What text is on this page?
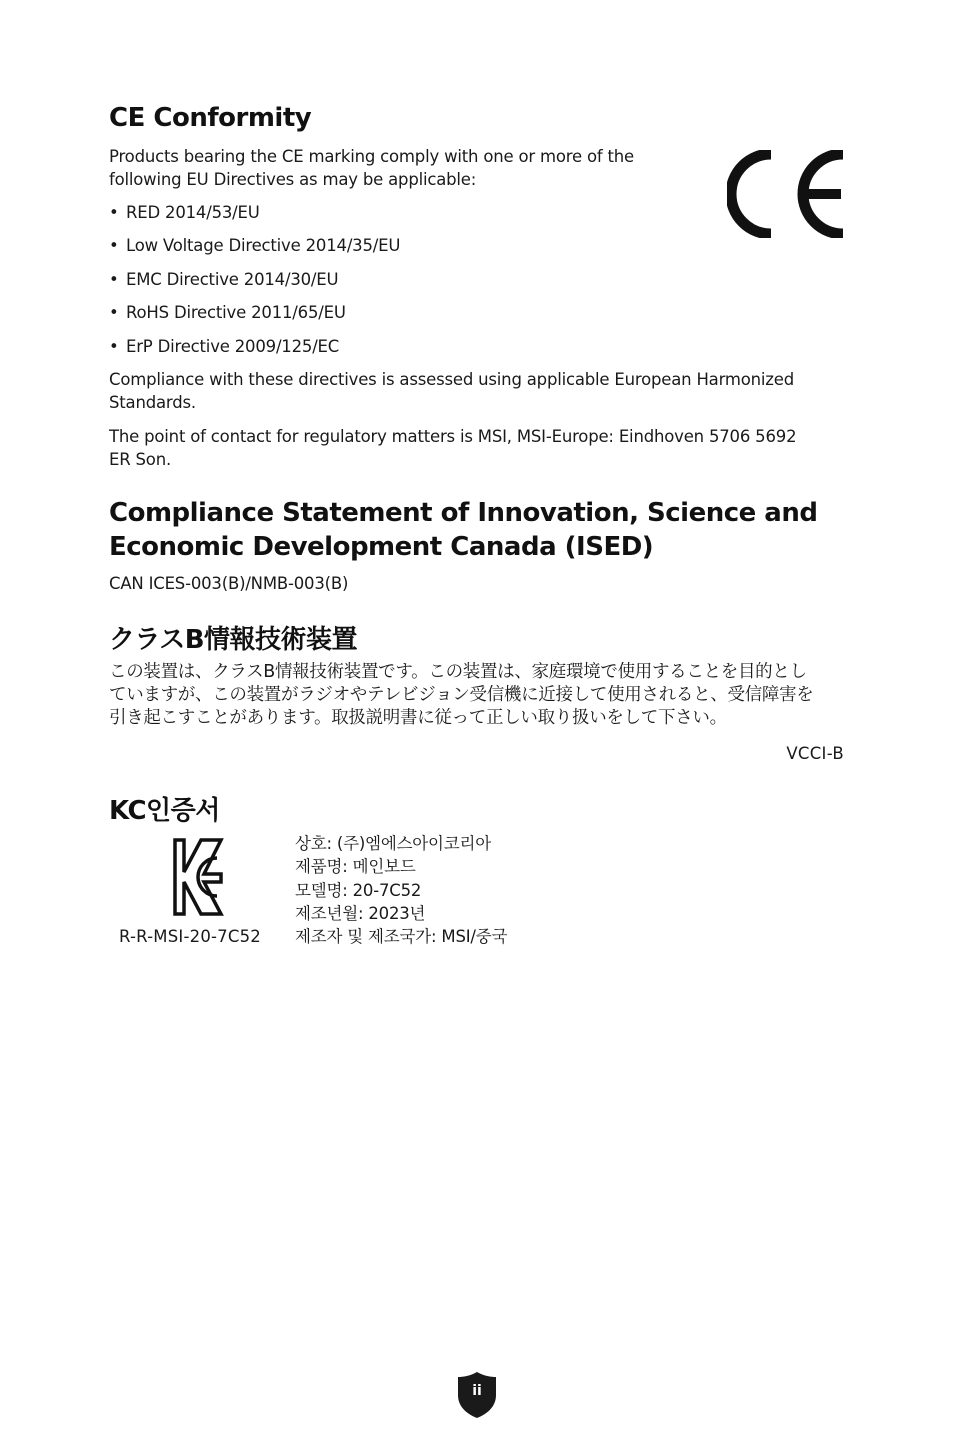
CE Conformity

Products bearing the CE marking comply with one or more of the
following EU Directives as may be applicable:

• RED 2014/53/EU
• Low Voltage Directive 2014/35/EU
• EMC Directive 2014/30/EU
• RoHS Directive 2011/65/EU
• ErP Directive 2009/125/EC

Compliance with these directives is assessed using applicable European Harmonized
Standards.

The point of contact for regulatory matters is MSI, MSI-Europe: Eindhoven 5706 5692
ER Son.

Compliance Statement of Innovation, Science and
Economic Development Canada (ISED)

CAN ICES-003(B)/NMB-003(B)

クラスB情報技術装置

この装置は、クラスB情報技術装置です。この装置は、家庭環境で使用することを目的とし
ていますが、この装置がラジオやテレビジョン受信機に近接して使用されると、受信障害を
引き起こすことがあります。取扱説明書に従って正しい取り扱いをして下さい。

VCCI-B

KC인증서

R-R-MSI-20-7C52

상호: (주)엠에스아이코리아
제품명: 메인보드
모델명: 20-7C52
제조년월: 2023년
제조자 및 제조국가: MSI/중국
ii
